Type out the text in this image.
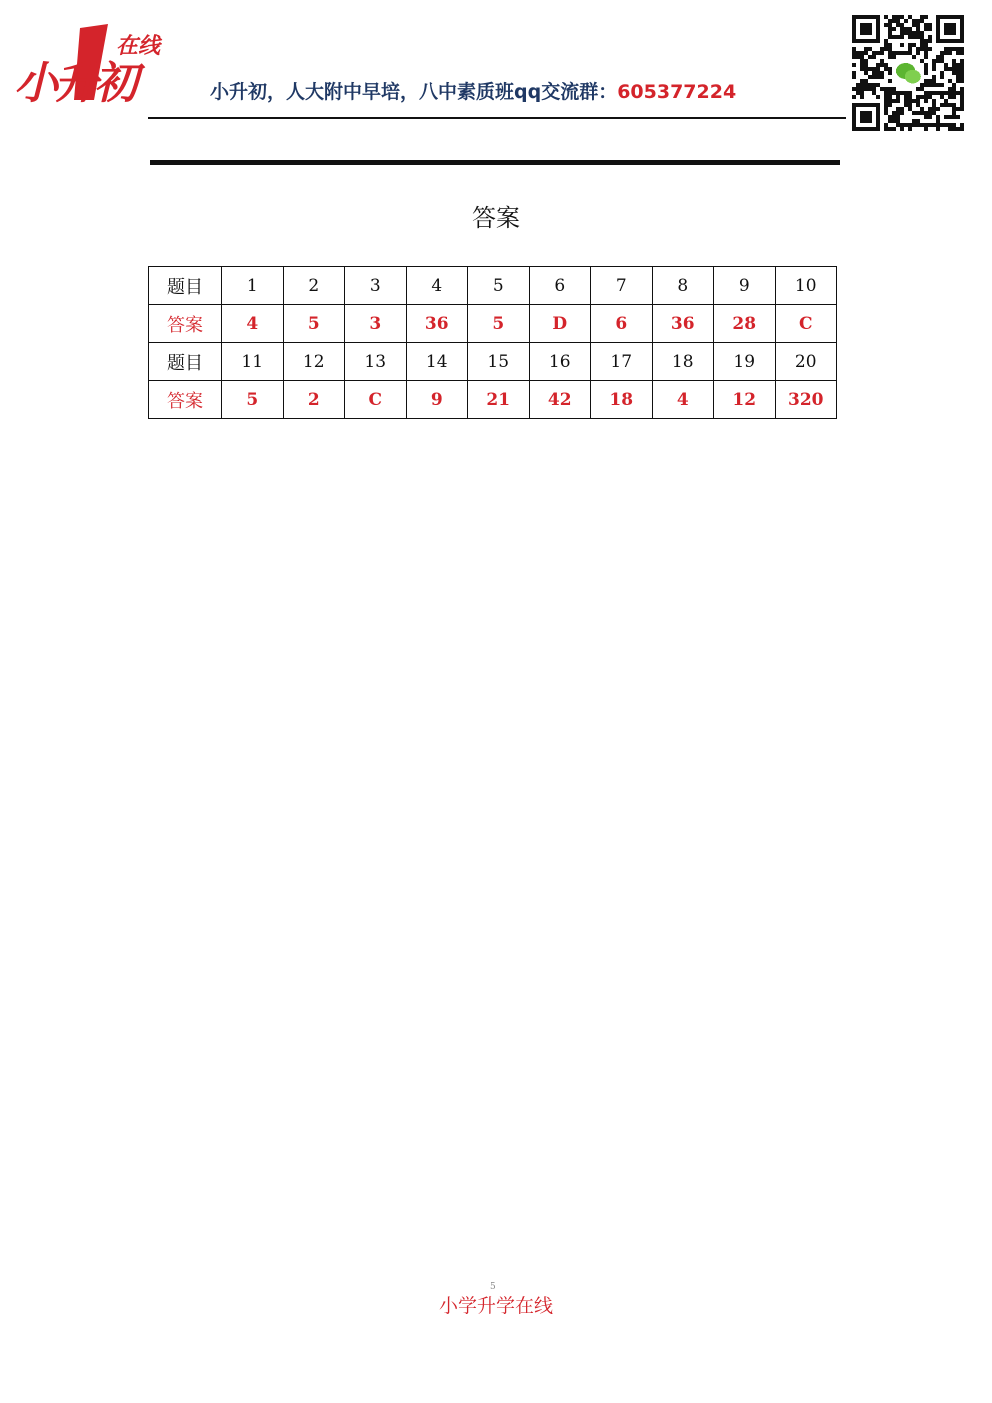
在线
小升初	小升初，人大附中早培，八中素质班qq交流群：605377224
答案
题目	1	2	3	4	5	6	7	8	9	10
答案	4	5	3	36	5	D	6	36	28	C
题目	11	12	13	14	15	16	17	18	19	20
答案	5	2	C	9	21	42	18	4	12	320
5
小学升学在线
